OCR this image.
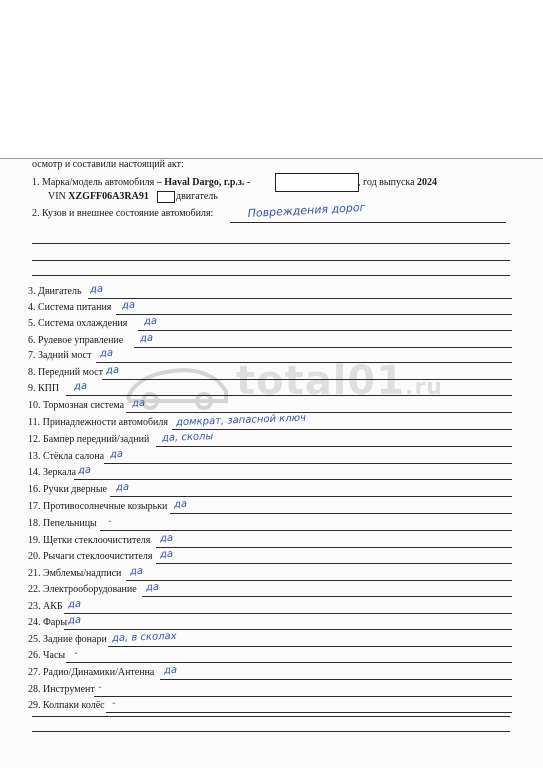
осмотр и составили настоящий акт:
1. Марка/модель автомобиля – Haval Dargo, г.р.з. -	, год выпуска 2024
VIN XZGFF06A3RA91	двигатель
2. Кузов и внешнее состояние автомобиля:	Повреждения дорог
total01.ru
3. Двигатель да
4. Система питания да
5. Система охлаждения да
6. Рулевое управление да
7. Задний мост да
8. Передний мост да
9. КПП да
10. Тормозная система да
11. Принадлежности автомобиля домкрат, запасной ключ
12. Бампер передний/задний да, сколы
13. Стёкла салона да
14. Зеркала да
16. Ручки дверные да
17. Противосолнечные козырьки да
18. Пепельницы -
19. Щетки стеклоочистителя да
20. Рычаги стеклоочистителя да
21. Эмблемы/надписи да
22. Электрооборудование да
23. АКБ да
24. Фары да
25. Задние фонари да, в сколах
26. Часы -
27. Радио/Динамики/Антенна да
28. Инструмент -
29. Колпаки колёс -
